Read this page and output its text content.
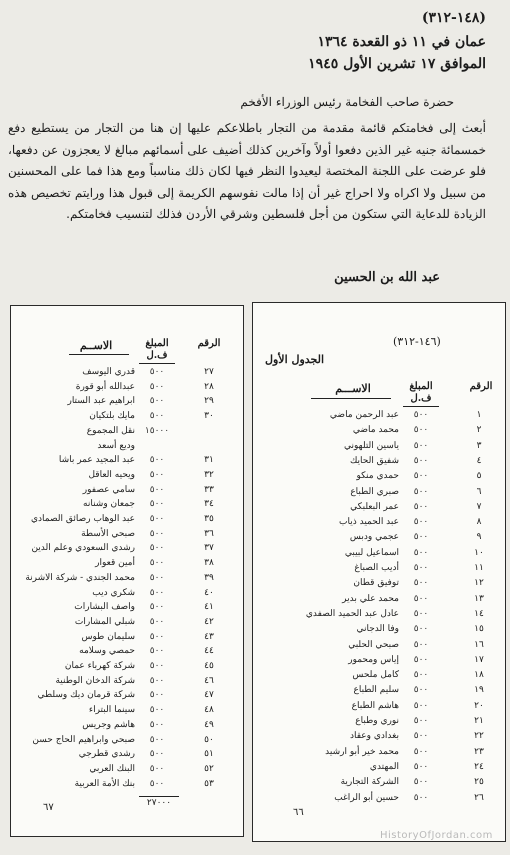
(١٤٨-٣١٢)
عمان في ١١ ذو القعدة ١٣٦٤
الموافق ١٧ تشرين الأول ١٩٤٥
حضرة صاحب الفخامة رئيس الوزراء الأفخم
أبعث إلى فخامتكم قائمة مقدمة من التجار باطلاعكم عليها إن هنا من التجار من يستطيع دفع خمسمائة جنيه غير الذين دفعوا أولاً وآخرين كذلك أضيف على أسمائهم مبالغ لا يعجزون عن دفعها، فلو عرضت على اللجنة المختصة ليعيدوا النظر فيها لكان ذلك مناسباً ومع هذا فما على المحسنين من سبيل ولا اكراه ولا احراج غير أن إذا مالت نفوسهم الكريمة إلى قبول هذا ورايتم تخصيص هذه الزيادة للدعاية التي ستكون من أجل فلسطين وشرقي الأردن فذلك لتنسيب فخامتكم.
عبد الله بن الحسين
(١٤٦-٣١٢)
الجدول الأول
الرقم
المبلغ
ف.ل
الاســـم
١
٥٠٠
عبد الرحمن ماضي
٢
٥٠٠
محمد ماضي
٣
٥٠٠
ياسين التلهوني
٤
٥٠٠
شفيق الحايك
٥
٥٠٠
حمدي منكو
٦
٥٠٠
صبري الطباع
٧
٥٠٠
عمر البعلبكي
٨
٥٠٠
عبد الحميد ذياب
٩
٥٠٠
عجمي ودبس
١٠
٥٠٠
اسماعيل لبيبي
١١
٥٠٠
أديب الصباغ
١٢
٥٠٠
توفيق قطان
١٣
٥٠٠
محمد علي بدير
١٤
٥٠٠
عادل عبد الحميد الصفدي
١٥
٥٠٠
وفا الدجاني
١٦
٥٠٠
صبحي الحلبي
١٧
٥٠٠
إياس ومحمور
١٨
٥٠٠
كامل ملحس
١٩
٥٠٠
سليم الطباع
٢٠
٥٠٠
هاشم الطباع
٢١
٥٠٠
نوري وطباع
٢٢
٥٠٠
بغدادي وعقاد
٢٣
٥٠٠
محمد خير أبو ارشيد
٢٤
٥٠٠
المهتدي
٢٥
٥٠٠
الشركة التجارية
٢٦
٥٠٠
حسين أبو الراغب
٦٦
الرقم
المبلغ
ف.ل
الاســم
٢٧
٥٠٠
قدري اليوسف
٢٨
٥٠٠
عبدالله أبو قورة
٢٩
٥٠٠
ابراهيم عبد الستار
٣٠
٥٠٠
مايك بلتكيان
١٥٠٠٠
نقل المجموع
وديع أسعد
٣١
٥٠٠
عبد المجيد عمر باشا
٣٢
٥٠٠
ويحيه العاقل
٣٣
٥٠٠
سامي عصفور
٣٤
٥٠٠
جمعان وشنانه
٣٥
٥٠٠
عبد الوهاب رصائق الصمادي
٣٦
٥٠٠
صبحي الأسطة
٣٧
٥٠٠
رشدي السعودي وعلم الدين
٣٨
٥٠٠
أمين قعوار
٣٩
٥٠٠
محمد الجندي - شركة الاشرنة
٤٠
٥٠٠
شكري ديب
٤١
٥٠٠
واصف البشارات
٤٢
٥٠٠
شبلي المشارات
٤٣
٥٠٠
سليمان طوس
٤٤
٥٠٠
حمصي وسلامه
٤٥
٥٠٠
شركة كهرباء عمان
٤٦
٥٠٠
شركة الدخان الوطنية
٤٧
٥٠٠
شركة قرمان ديك وسلطي
٤٨
٥٠٠
سينما البتراء
٤٩
٥٠٠
هاشم وجريس
٥٠
٥٠٠
صبحي وابراهيم الحاج حسن
٥١
٥٠٠
رشدي قطرجي
٥٢
٥٠٠
البنك العربي
٥٣
٥٠٠
بنك الأمة العربية
٢٧٠٠٠
٦٧
HistoryOfJordan.com
